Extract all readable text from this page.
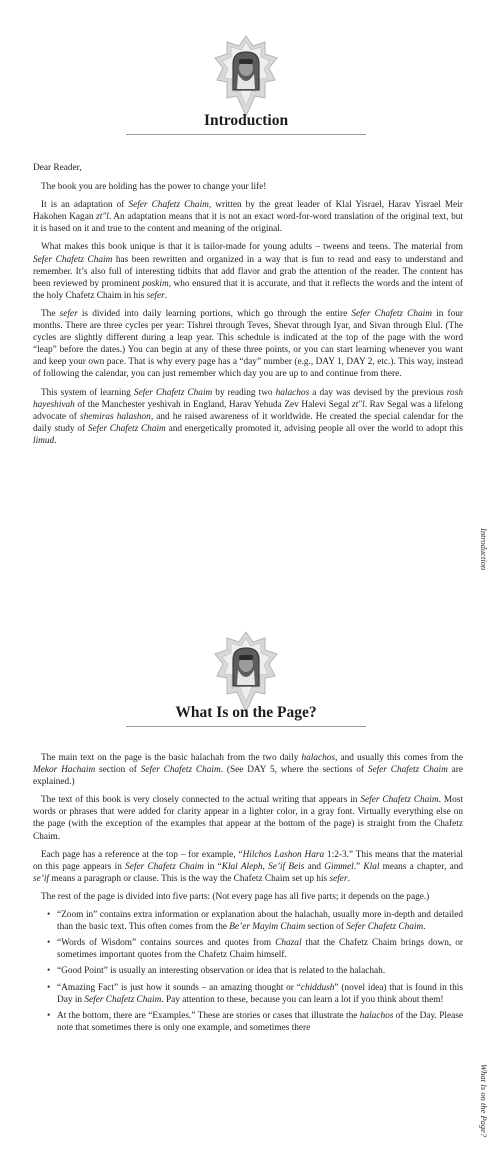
Introduction

Dear Reader,

The book you are holding has the power to change your life!

It is an adaptation of Sefer Chafetz Chaim, written by the great leader of Klal Yisrael, Harav Yisrael Meir Hakohen Kagan zt"l. An adaptation means that it is not an exact word-for-word translation of the original text, but it is based on it and true to the content and meaning of the original.

What makes this book unique is that it is tailor-made for young adults – tweens and teens. The material from Sefer Chafetz Chaim has been rewritten and organized in a way that is fun to read and easy to understand and remember. It’s also full of interesting tidbits that add flavor and grab the attention of the reader. The content has been reviewed by prominent poskim, who ensured that it is accurate, and that it reflects the words and the intent of the holy Chafetz Chaim in his sefer.

The sefer is divided into daily learning portions, which go through the entire Sefer Chafetz Chaim in four months. There are three cycles per year: Tishrei through Teves, Shevat through Iyar, and Sivan through Elul. (The cycles are slightly different during a leap year. This schedule is indicated at the top of the page with the word “leap” before the dates.) You can begin at any of these three points, or you can start learning whenever you want and keep your own pace. That is why every page has a “day” number (e.g., DAY 1, DAY 2, etc.). This way, instead of following the calendar, you can just remember which day you are up to and continue from there.

This system of learning Sefer Chafetz Chaim by reading two halachos a day was devised by the previous rosh hayeshivah of the Manchester yeshivah in England, Harav Yehuda Zev Halevi Segal zt"l. Rav Segal was a lifelong advocate of shemiras halashon, and he raised awareness of it worldwide. He created the special calendar for the daily study of Sefer Chafetz Chaim and energetically promoted it, advising people all over the world to adopt this limud.

Introduction
What Is on the Page?

The main text on the page is the basic halachah from the two daily halachos, and usually this comes from the Mekor Hachaim section of Sefer Chafetz Chaim. (See DAY 5, where the sections of Sefer Chafetz Chaim are explained.)

The text of this book is very closely connected to the actual writing that appears in Sefer Chafetz Chaim. Most words or phrases that were added for clarity appear in a lighter color, in a gray font. Virtually everything else on the page (with the exception of the examples that appear at the bottom of the page) is straight from the Chafetz Chaim.

Each page has a reference at the top – for example, “Hilchos Lashon Hara 1:2-3.” This means that the material on this page appears in Sefer Chafetz Chaim in “Klal Aleph, Se’if Beis and Gimmel.” Klal means a chapter, and se’if means a paragraph or clause. This is the way the Chafetz Chaim set up his sefer.

The rest of the page is divided into five parts: (Not every page has all five parts; it depends on the page.)

• “Zoom in” contains extra information or explanation about the halachah, usually more in-depth and detailed than the basic text. This often comes from the Be’er Mayim Chaim section of Sefer Chafetz Chaim.
• “Words of Wisdom” contains sources and quotes from Chazal that the Chafetz Chaim brings down, or sometimes important quotes from the Chafetz Chaim himself.
• “Good Point” is usually an interesting observation or idea that is related to the halachah.
• “Amazing Fact” is just how it sounds – an amazing thought or “chiddush” (novel idea) that is found in this Day in Sefer Chafetz Chaim. Pay attention to these, because you can learn a lot if you think about them!
• At the bottom, there are “Examples.” These are stories or cases that illustrate the halachos of the Day. Please note that sometimes there is only one example, and sometimes there
What Is on the Page?
